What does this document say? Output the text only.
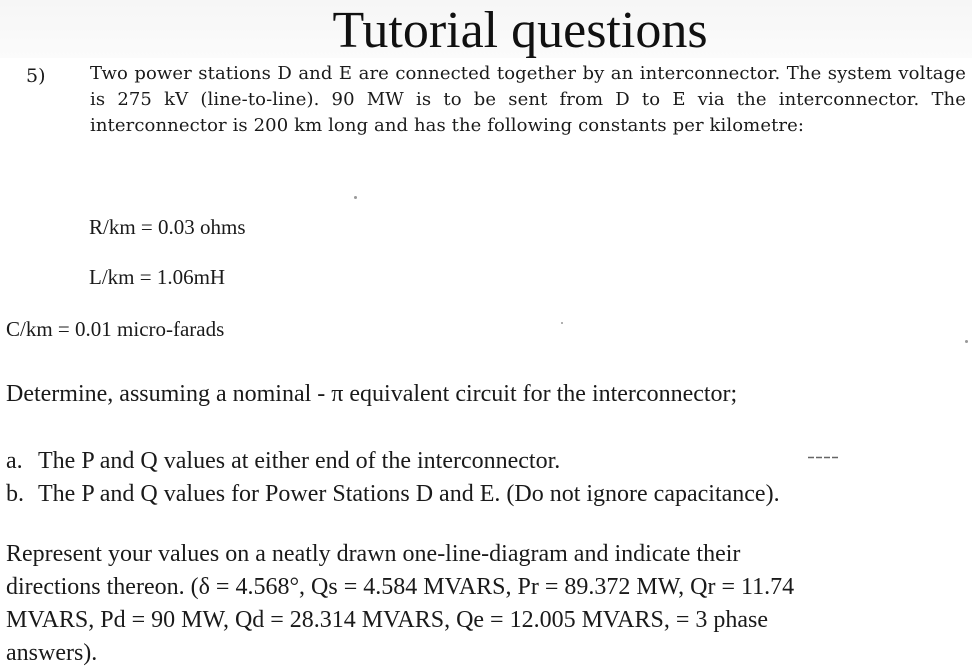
Tutorial questions
5) Two power stations D and E are connected together by an interconnector. The system voltage is 275 kV (line-to-line). 90 MW is to be sent from D to E via the interconnector. The interconnector is 200 km long and has the following constants per kilometre:
R/km = 0.03 ohms
L/km = 1.06mH
C/km = 0.01 micro-farads
Determine, assuming a nominal - π equivalent circuit for the interconnector;
a. The P and Q values at either end of the interconnector.
b. The P and Q values for Power Stations D and E. (Do not ignore capacitance).
Represent your values on a neatly drawn one-line-diagram and indicate their
directions thereon. (δ = 4.568°, Qs = 4.584 MVARS, Pr = 89.372 MW, Qr = 11.74
MVARS, Pd = 90 MW, Qd = 28.314 MVARS, Qe = 12.005 MVARS, = 3 phase
answers).
